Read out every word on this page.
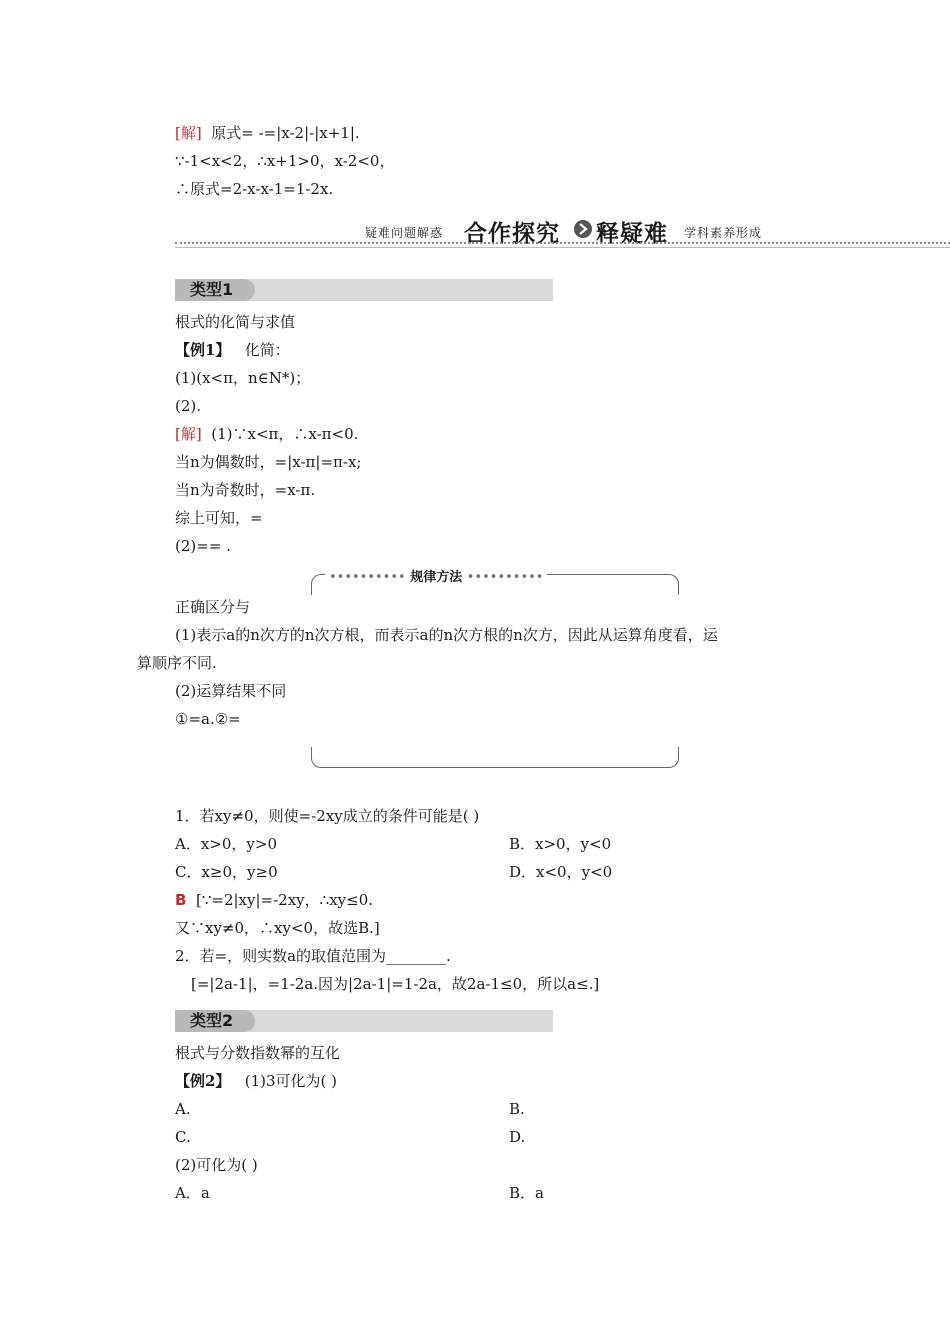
[解] 原式= -=|x-2|-|x+1|.
∵-1<x<2，∴x+1>0，x-2<0，
∴原式=2-x-x-1=1-2x.
疑难问题解惑 合作探究 释疑难 学科素养形成
类型1
根式的化简与求值
【例1】 化简：
(1)(x<π，n∈N*)；
(2).
[解] (1)∵x<π，∴x-π<0.
当n为偶数时，=|x-π|=π-x;
当n为奇数时，=x-π.
综上可知，=
(2)== .
•••••••••• 规律方法 ••••••••••
正确区分与
(1)表示a的n次方的n次方根，而表示a的n次方根的n次方，因此从运算角度看，运
算顺序不同.
(2)运算结果不同
①=a.②=
1．若xy≠0，则使=-2xy成立的条件可能是( )
A．x>0，y>0	B．x>0，y<0
C．x≥0，y≥0	D．x<0，y<0
B [∵=2|xy|=-2xy，∴xy≤0.
又∵xy≠0，∴xy<0，故选B.]
2．若=，则实数a的取值范围为________.
[=|2a-1|，=1-2a.因为|2a-1|=1-2a，故2a-1≤0，所以a≤.]
类型2
根式与分数指数幂的互化
【例2】 (1)3可化为( )
A.	B.
C.	D.
(2)可化为( )
A．a	B．a
